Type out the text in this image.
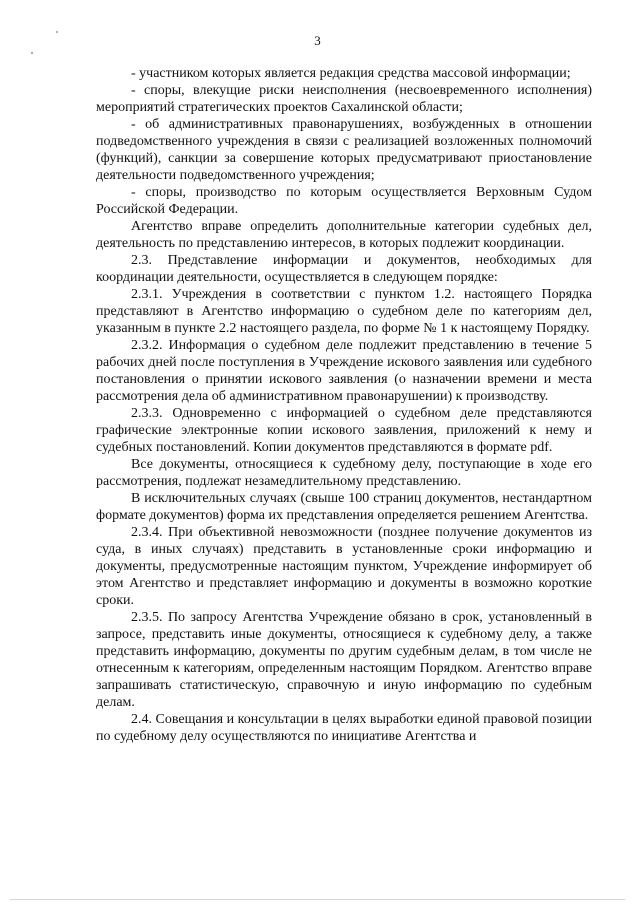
3

- участником которых является редакция средства массовой информации;

- споры, влекущие риски неисполнения (несвоевременного исполнения) мероприятий стратегических проектов Сахалинской области;

- об административных правонарушениях, возбужденных в отношении подведомственного учреждения в связи с реализацией возложенных полномочий (функций), санкции за совершение которых предусматривают приостановление деятельности подведомственного учреждения;

- споры, производство по которым осуществляется Верховным Судом Российской Федерации.

Агентство вправе определить дополнительные категории судебных дел, деятельность по представлению интересов, в которых подлежит координации.

2.3. Представление информации и документов, необходимых для координации деятельности, осуществляется в следующем порядке:

2.3.1. Учреждения в соответствии с пунктом 1.2. настоящего Порядка представляют в Агентство информацию о судебном деле по категориям дел, указанным в пункте 2.2 настоящего раздела, по форме № 1 к настоящему Порядку.

2.3.2. Информация о судебном деле подлежит представлению в течение 5 рабочих дней после поступления в Учреждение искового заявления или судебного постановления о принятии искового заявления (о назначении времени и места рассмотрения дела об административном правонарушении) к производству.

2.3.3. Одновременно с информацией о судебном деле представляются графические электронные копии искового заявления, приложений к нему и судебных постановлений. Копии документов представляются в формате pdf.

Все документы, относящиеся к судебному делу, поступающие в ходе его рассмотрения, подлежат незамедлительному представлению.

В исключительных случаях (свыше 100 страниц документов, нестандартном формате документов) форма их представления определяется решением Агентства.

2.3.4. При объективной невозможности (позднее получение документов из суда, в иных случаях) представить в установленные сроки информацию и документы, предусмотренные настоящим пунктом, Учреждение информирует об этом Агентство и представляет информацию и документы в возможно короткие сроки.

2.3.5. По запросу Агентства Учреждение обязано в срок, установленный в запросе, представить иные документы, относящиеся к судебному делу, а также представить информацию, документы по другим судебным делам, в том числе не отнесенным к категориям, определенным настоящим Порядком. Агентство вправе запрашивать статистическую, справочную и иную информацию по судебным делам.

2.4. Совещания и консультации в целях выработки единой правовой позиции по судебному делу осуществляются по инициативе Агентства и
